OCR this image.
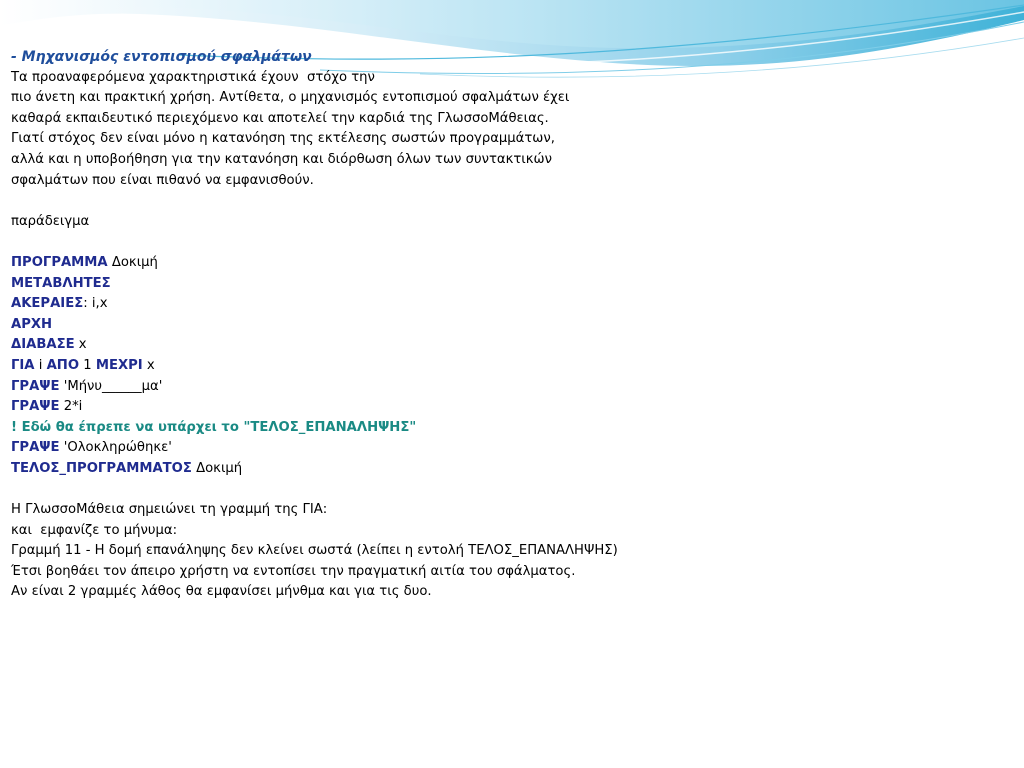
- Μηχανισμός εντοπισμού σφαλμάτων
Τα προαναφερόμενα χαρακτηριστικά έχουν  στόχο την
πιο άνετη και πρακτική χρήση. Αντίθετα, ο μηχανισμός εντοπισμού σφαλμάτων έχει
καθαρά εκπαιδευτικό περιεχόμενο και αποτελεί την καρδιά της ΓλωσσοΜάθειας.
Γιατί στόχος δεν είναι μόνο η κατανόηση της εκτέλεσης σωστών προγραμμάτων,
αλλά και η υποβοήθηση για την κατανόηση και διόρθωση όλων των συντακτικών
σφαλμάτων που είναι πιθανό να εμφανισθούν.
παράδειγμα
ΠΡΟΓΡΑΜΜΑ Δοκιμή
ΜΕΤΑΒΛΗΤΕΣ
ΑΚΕΡΑΙΕΣ: i,x
ΑΡΧΗ
ΔΙΑΒΑΣΕ x
ΓΙΑ i ΑΠΟ 1 ΜΕΧΡΙ x
ΓΡΑΨΕ 'Μήνυ______μα'
ΓΡΑΨΕ 2*i
! Εδώ θα έπρεπε να υπάρχει το "ΤΕΛΟΣ_ΕΠΑΝΑΛΗΨΗΣ"
ΓΡΑΨΕ 'Ολοκληρώθηκε'
ΤΕΛΟΣ_ΠΡΟΓΡΑΜΜΑΤΟΣ Δοκιμή
Η ΓλωσσοΜάθεια σημειώνει τη γραμμή της ΓΙΑ:
και  εμφανίζε το μήνυμα:
Γραμμή 11 - Η δομή επανάληψης δεν κλείνει σωστά (λείπει η εντολή ΤΕΛΟΣ_ΕΠΑΝΑΛΗΨΗΣ)
Έτσι βοηθάει τον άπειρο χρήστη να εντοπίσει την πραγματική αιτία του σφάλματος.
Αν είναι 2 γραμμές λάθος θα εμφανίσει μήνθμα και για τις δυο.
